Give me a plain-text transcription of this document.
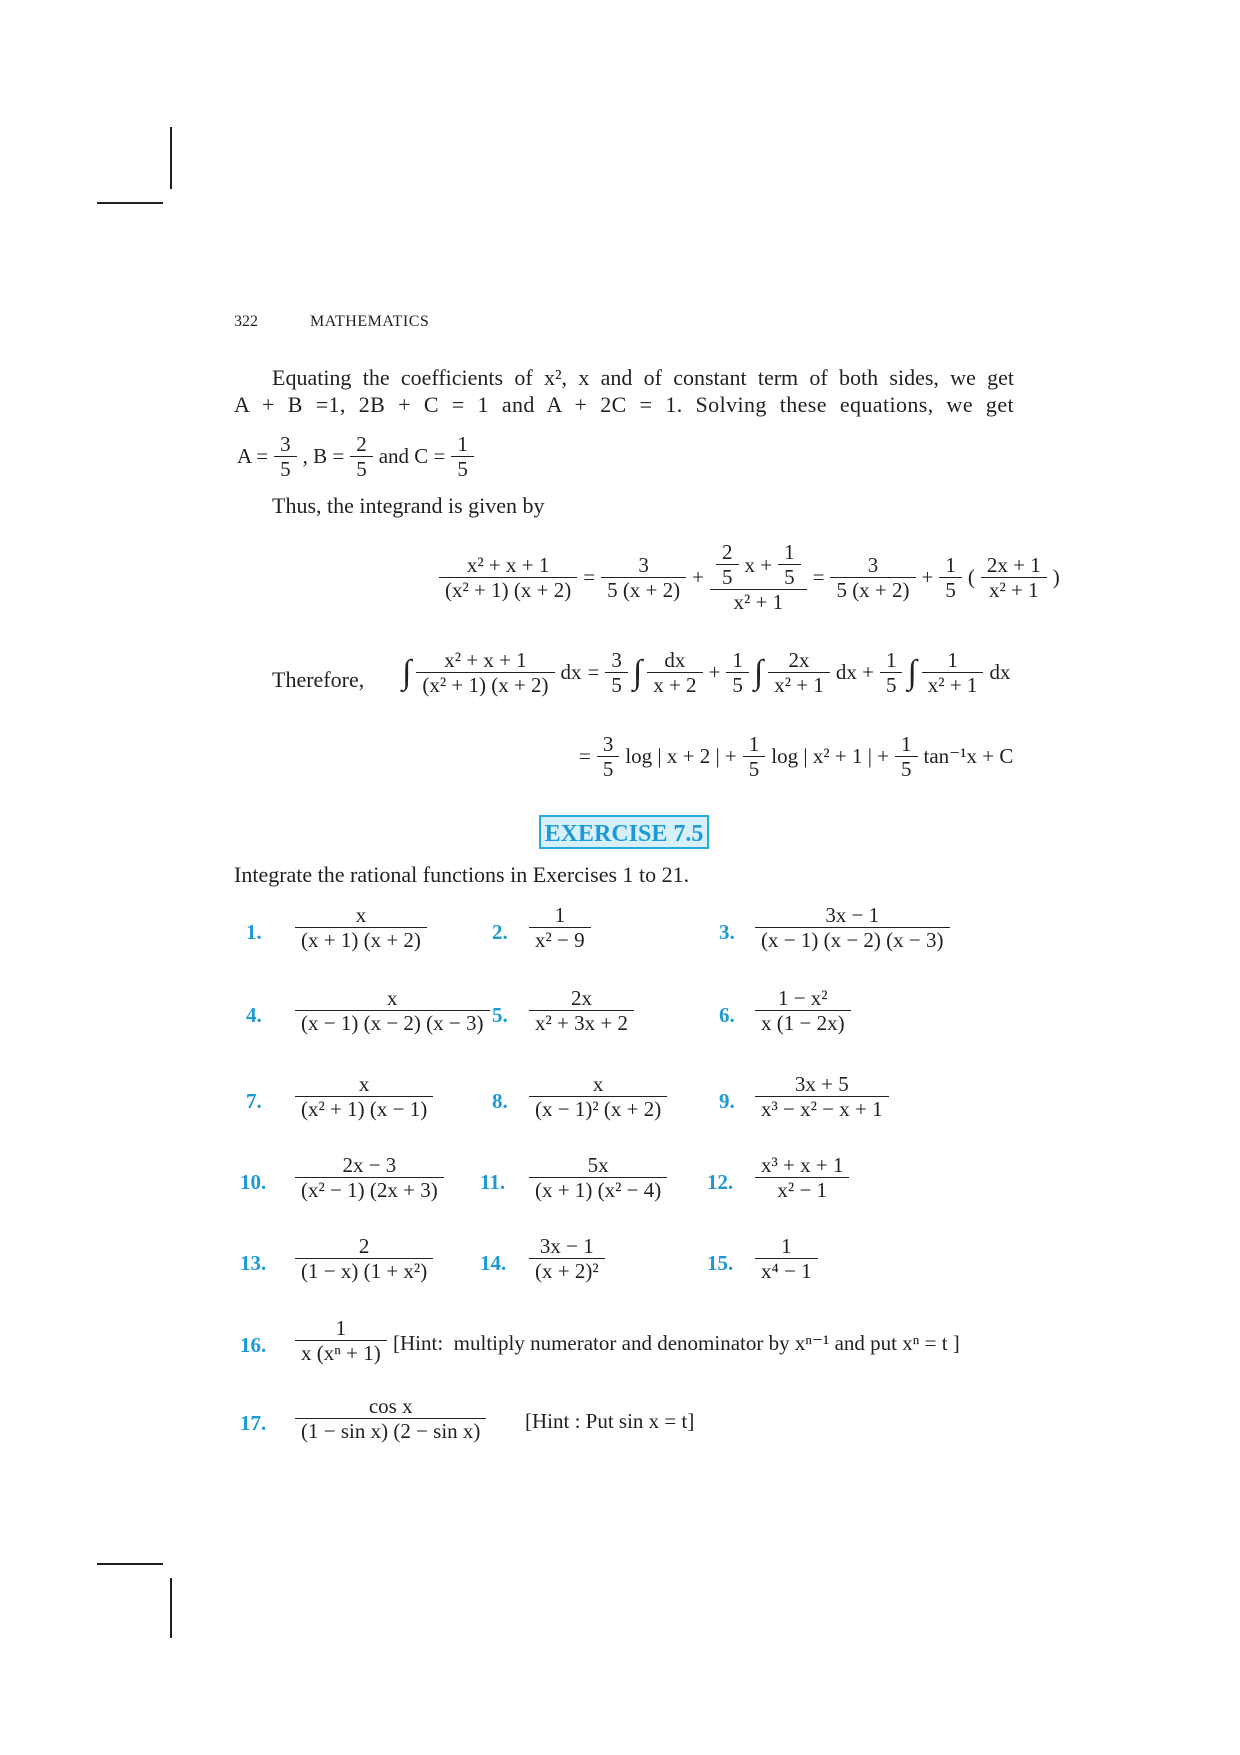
322	MATHEMATICS
Equating the coefficients of x², x and of constant term of both sides, we get
A + B =1, 2B + C = 1 and A + 2C = 1. Solving these equations, we get
$A = \frac{3}{5}$ , $B = \frac{2}{5}$ and $C = \frac{1}{5}$
Thus, the integrand is given by
$\frac{\text{x² + x + 1}}{\text{(x² + 1) (x + 2)}} = \frac{3}{5 (x + 2)} + \frac{\frac{2}{5} x + \frac{1}{5}}{\text{x² + 1}} = \frac{3}{5 (x + 2)} + \frac{1}{5}$ ( $\frac{2x + 1}{\text{x² + 1}}$ )
Therefore, ∫ $\frac{\text{x² + x + 1}}{\text{(x² + 1) (x + 2)}}$ dx = $\frac{3}{5}$ ∫ $\frac{dx}{x + 2} + \frac{1}{5}$ ∫ $\frac{2x}{\text{x² + 1}}$ dx + $\frac{1}{5}$ ∫ $\frac{1}{\text{x² + 1}}$ dx
= $\frac{3}{5}$ log | x + 2 | + $\frac{1}{5}$ log | x² + 1 | + $\frac{1}{5} \tan^{-1}x + C$
EXERCISE 7.5
Integrate the rational functions in Exercises 1 to 21.
1. $\frac{x}{(x + 1) (x + 2)}$	2. $\frac{1}{\text{x² − 9}}$	3. $\frac{3x - 1}{(x - 1) (x - 2) (x - 3)}$
4. $\frac{x}{(x - 1) (x - 2) (x - 3)} 5$. $\frac{2x}{\text{x² + 3x + 2}}$	6. $\frac{\text{1 − x²}}{x (1 - 2x)}$
7. $\frac{x}{\text{(x² + 1) (x − 1)}}$	8. $\frac{x}{\text{(x − 1)² (x + 2)}} 9$. $\frac{3x + 5}{\text{x³ − x² − x + 1}}$
10. $\frac{2x - 3}{\text{(x² − 1) (2x + 3)}} 11$. $\frac{5x}{\text{(x + 1) (x² − 4)}} 12$. $\frac{\text{x³ + x + 1}}{\text{x² − 1}}$
13. $\frac{2}{\text{(1 − x) (1 + x²)}} 14$. $\frac{3x - 1}{\text{(x + 2)²}}$	15. $\frac{1}{\text{x⁴ − 1}}$
16. $\frac{1}{\text{x (xⁿ + 1)}}$ [Hint:  multiply numerator and denominator by xⁿ⁻¹ and put xⁿ = t ]
17. $\frac{\text{cos x}}{\text{(1 − sin x) (2 − sin x)}}$ [Hint : Put sin x = t]
